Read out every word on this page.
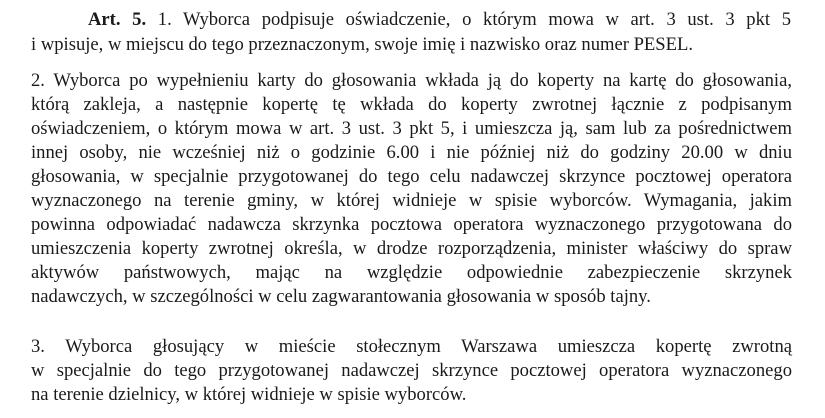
Art. 5. 1. Wyborca podpisuje oświadczenie, o którym mowa w art. 3 ust. 3 pkt 5
i wpisuje, w miejscu do tego przeznaczonym, swoje imię i nazwisko oraz numer PESEL.
2. Wyborca po wypełnieniu karty do głosowania wkłada ją do koperty na kartę do głosowania,
którą zakleja, a następnie kopertę tę wkłada do koperty zwrotnej łącznie z podpisanym
oświadczeniem, o którym mowa w art. 3 ust. 3 pkt 5, i umieszcza ją, sam lub za pośrednictwem
innej osoby, nie wcześniej niż o godzinie 6.00 i nie później niż do godziny 20.00 w dniu
głosowania, w specjalnie przygotowanej do tego celu nadawczej skrzynce pocztowej operatora
wyznaczonego na terenie gminy, w której widnieje w spisie wyborców. Wymagania, jakim
powinna odpowiadać nadawcza skrzynka pocztowa operatora wyznaczonego przygotowana do
umieszczenia koperty zwrotnej określa, w drodze rozporządzenia, minister właściwy do spraw
aktywów państwowych, mając na względzie odpowiednie zabezpieczenie skrzynek
nadawczych, w szczególności w celu zagwarantowania głosowania w sposób tajny.
3. Wyborca głosujący w mieście stołecznym Warszawa umieszcza kopertę zwrotną
w specjalnie do tego przygotowanej nadawczej skrzynce pocztowej operatora wyznaczonego
na terenie dzielnicy, w której widnieje w spisie wyborców.
